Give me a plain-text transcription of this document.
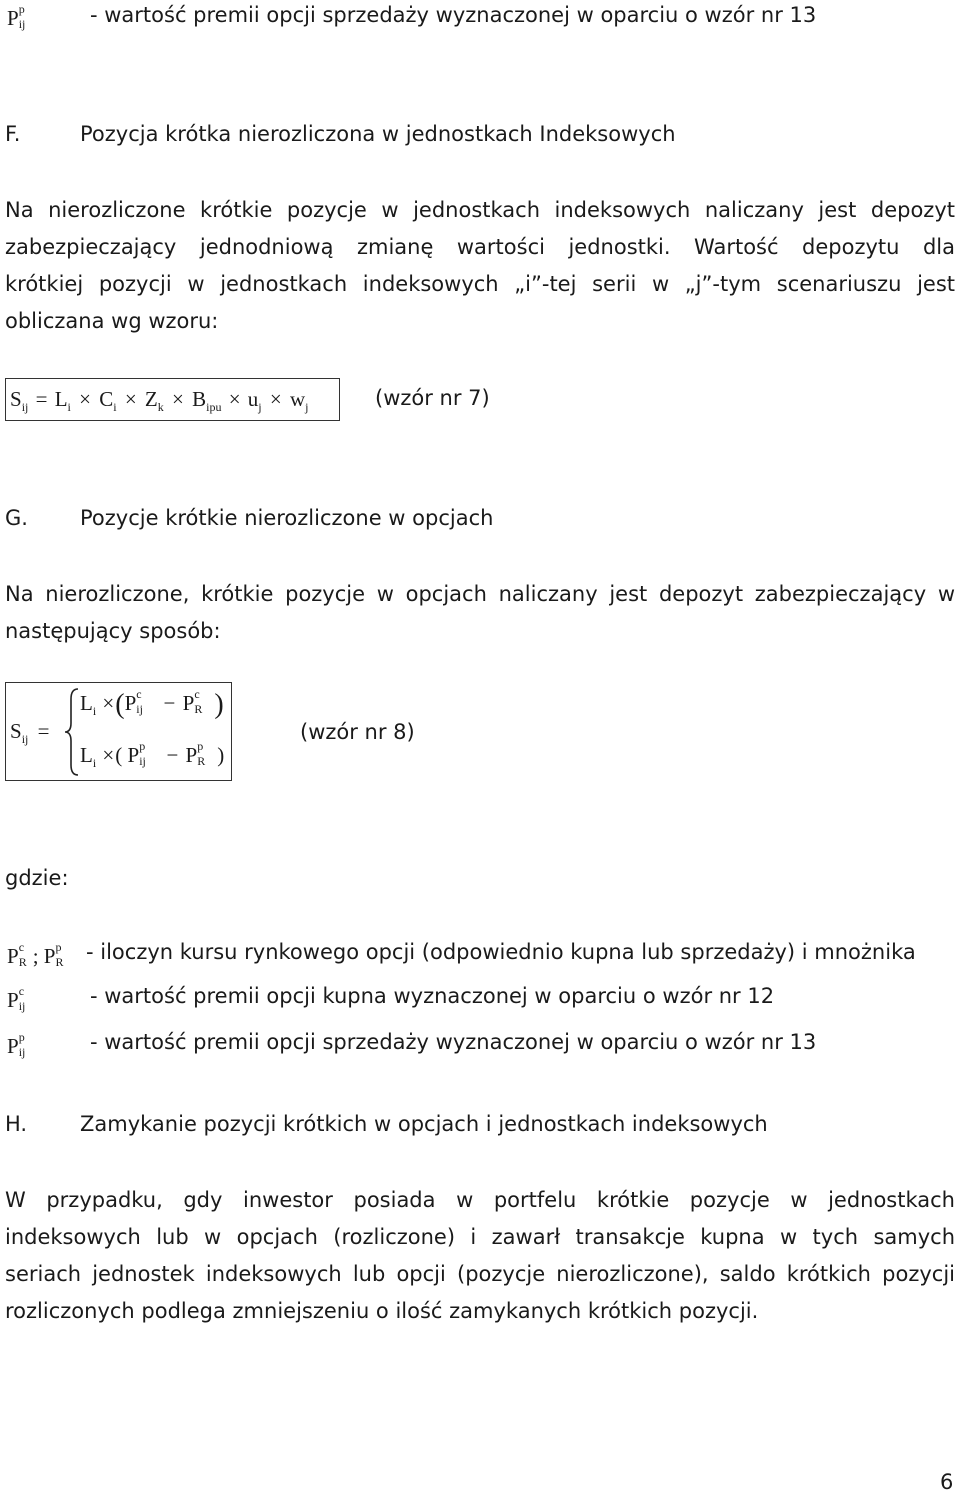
P p
ij	- wartość premii opcji sprzedaży wyznaczonej w oparciu o wzór nr 13
F.	Pozycja krótka nierozliczona w jednostkach Indeksowych
Na nierozliczone krótkie pozycje w jednostkach indeksowych naliczany jest depozyt
zabezpieczający jednodniową zmianę wartości jednostki. Wartość depozytu dla
krótkiej pozycji w jednostkach indeksowych „i”-tej serii w „j”-tym scenariuszu jest
obliczana wg wzoru:
$S_{ij} = L_i \times C_i \times Z_k \times B_{ipu} \times u_j \times w_j$	(wzór nr 7)
G. Pozycje krótkie nierozliczone w opcjach
Na nierozliczone, krótkie pozycje w opcjach naliczany jest depozyt zabezpieczający w
następujący sposób:
$S_{ij}$ =
$L_i \times(P$ c
ij − P c
R )
$L_i$ ×( P p
ij − P p
R )
(wzór nr 8)
gdzie:
P c
R ; P p
R - iloczyn kursu rynkowego opcji (odpowiednio kupna lub sprzedaży) i mnożnika
P c
ij	- wartość premii opcji kupna wyznaczonej w oparciu o wzór nr 12
P p
ij	- wartość premii opcji sprzedaży wyznaczonej w oparciu o wzór nr 13
H.	Zamykanie pozycji krótkich w opcjach i jednostkach indeksowych
W przypadku, gdy inwestor posiada w portfelu krótkie pozycje w jednostkach
indeksowych lub w opcjach (rozliczone) i zawarł transakcje kupna w tych samych
seriach jednostek indeksowych lub opcji (pozycje nierozliczone), saldo krótkich pozycji
rozliczonych podlega zmniejszeniu o ilość zamykanych krótkich pozycji.
6
